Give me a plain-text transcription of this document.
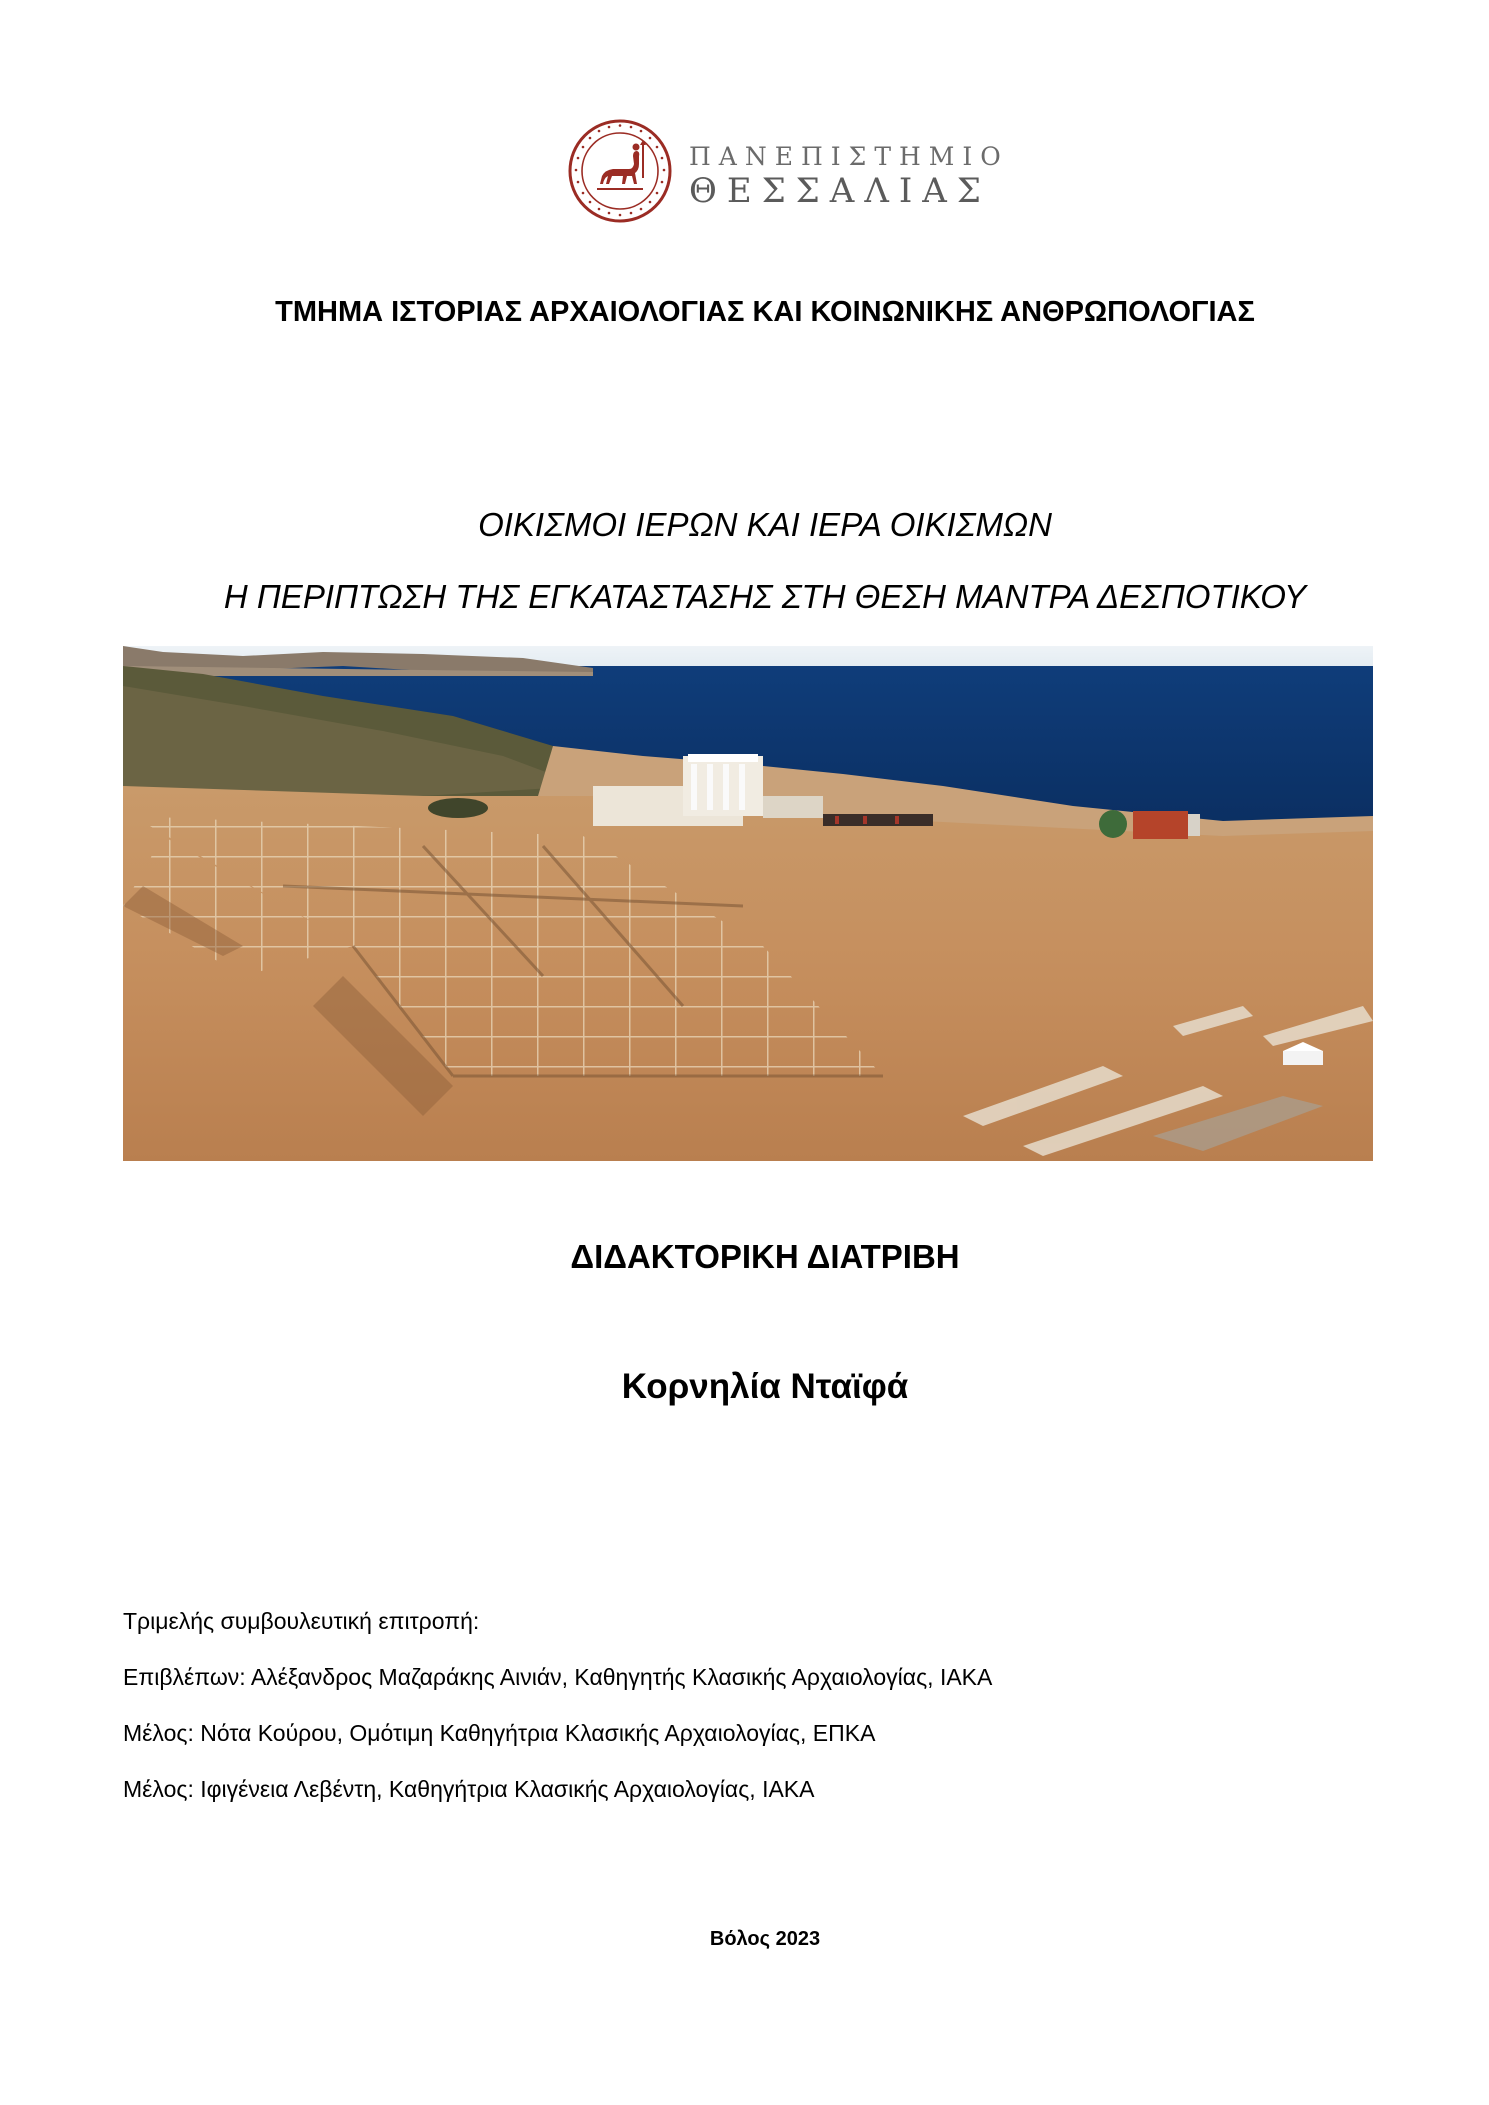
ΠΑΝΕΠΙΣΤΗΜΙΟ
ΘΕΣΣΑΛΙΑΣ
ΤΜΗΜΑ ΙΣΤΟΡΙΑΣ ΑΡΧΑΙΟΛΟΓΙΑΣ ΚΑΙ ΚΟΙΝΩΝΙΚΗΣ ΑΝΘΡΩΠΟΛΟΓΙΑΣ
ΟΙΚΙΣΜΟΙ ΙΕΡΩΝ ΚΑΙ ΙΕΡΑ ΟΙΚΙΣΜΩΝ
Η ΠΕΡΙΠΤΩΣΗ ΤΗΣ ΕΓΚΑΤΑΣΤΑΣΗΣ ΣΤΗ ΘΕΣΗ ΜΑΝΤΡΑ ΔΕΣΠΟΤΙΚΟΥ
ΔΙΔΑΚΤΟΡΙΚΗ ΔΙΑΤΡΙΒΗ
Κορνηλία Νταϊφά
Τριμελής συμβουλευτική επιτροπή:
Επιβλέπων: Αλέξανδρος Μαζαράκης Αινιάν, Καθηγητής Κλασικής Αρχαιολογίας, ΙΑΚΑ
Μέλος: Νότα Κούρου, Ομότιμη Καθηγήτρια Κλασικής Αρχαιολογίας, ΕΠΚΑ
Μέλος: Ιφιγένεια Λεβέντη, Καθηγήτρια Κλασικής Αρχαιολογίας, ΙΑΚΑ
Βόλος 2023
